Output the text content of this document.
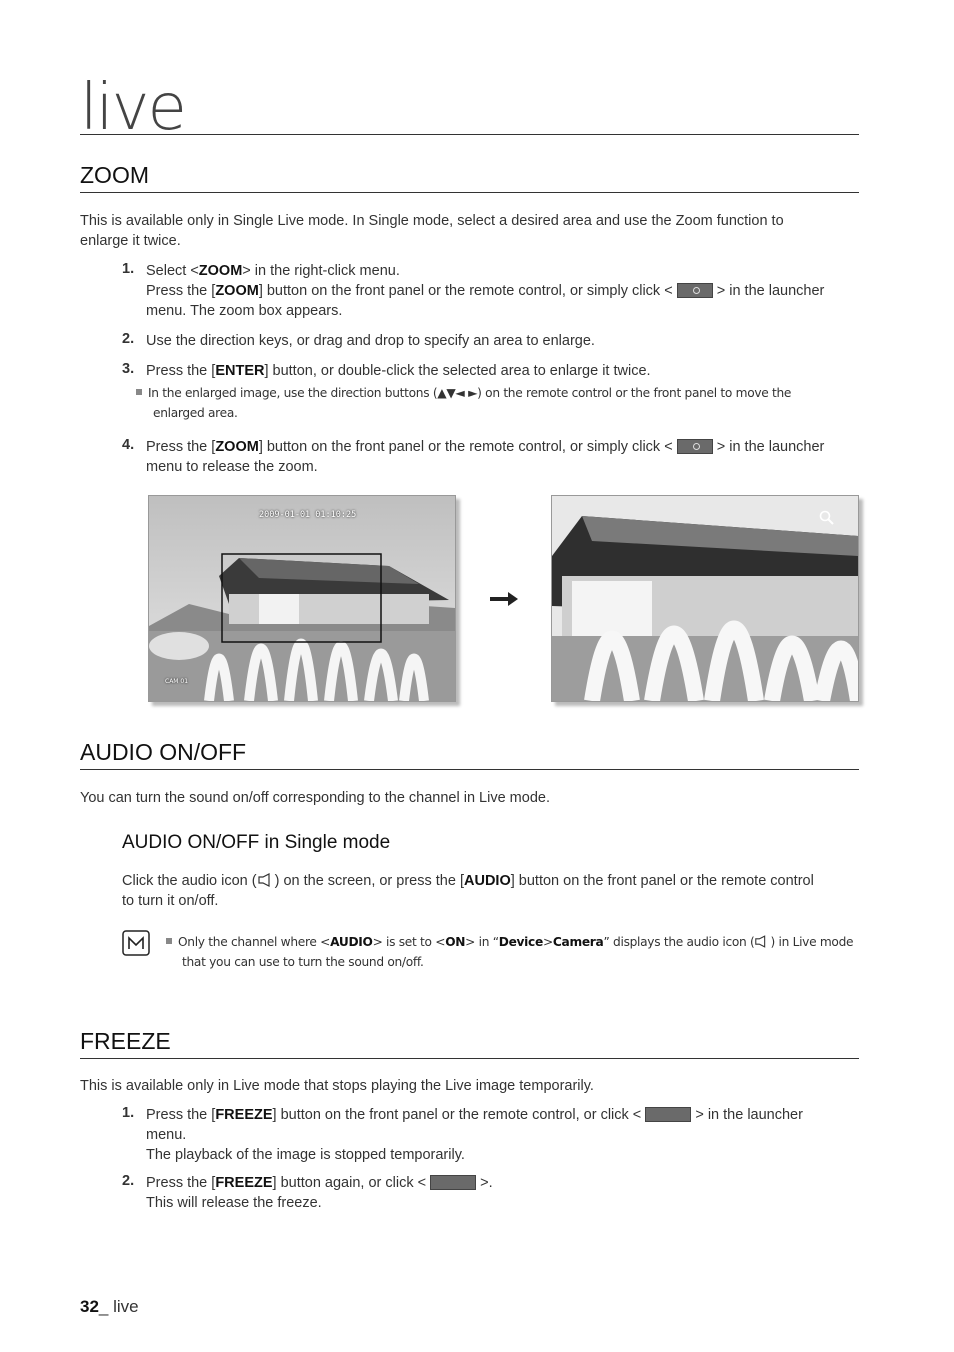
live
ZOOM
This is available only in Single Live mode. In Single mode, select a desired area and use the Zoom function to
enlarge it twice.
1. Select <ZOOM> in the right-click menu.
Press the [ZOOM] button on the front panel or the remote control, or simply click <	> in the launcher
menu. The zoom box appears.
2. Use the direction keys, or drag and drop to specify an area to enlarge.
3. Press the [ENTER] button, or double-click the selected area to enlarge it twice.
In the enlarged image, use the direction buttons (▲▼◄ ►) on the remote control or the front panel to move the
enlarged area.
4. Press the [ZOOM] button on the front panel or the remote control, or simply click <	> in the launcher
menu to release the zoom.
2009-01-01 01:10:25
CAM 01
AUDIO ON/OFF
You can turn the sound on/off corresponding to the channel in Live mode.
AUDIO ON/OFF in Single mode
Click the audio icon ( ) on the screen, or press the [AUDIO] button on the front panel or the remote control
to turn it on/off.
Only the channel where <AUDIO> is set to <ON> in “Device>Camera” displays the audio icon ( ) in Live mode
that you can use to turn the sound on/off.
FREEZE
This is available only in Live mode that stops playing the Live image temporarily.
1. Press the [FREEZE] button on the front panel or the remote control, or click <	> in the launcher
menu.
The playback of the image is stopped temporarily.
2. Press the [FREEZE] button again, or click <	>.
This will release the freeze.
32_ live
